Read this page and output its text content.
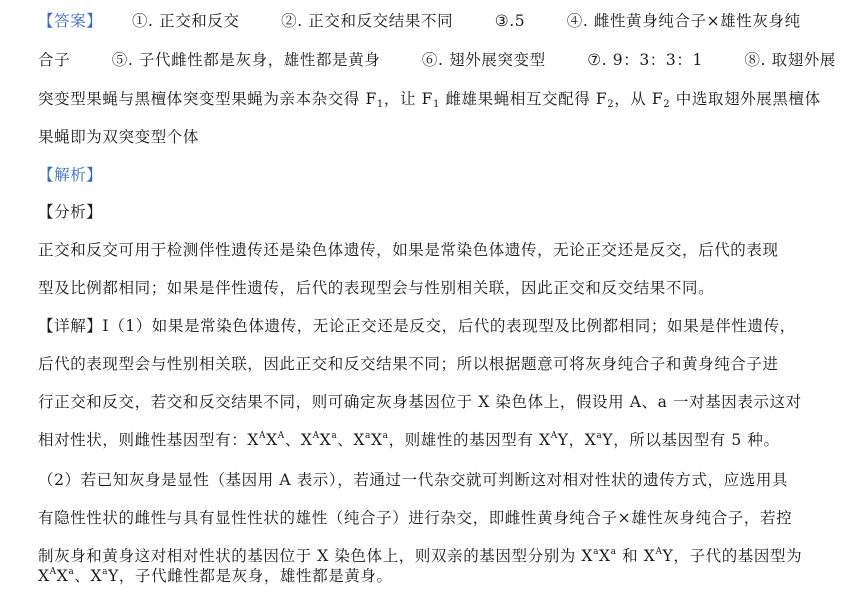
【答案】 ①. 正交和反交	②. 正交和反交结果不同	③.5	④. 雌性黄身纯合子×雄性灰身纯
合子	⑤. 子代雌性都是灰身，雄性都是黄身	⑥. 翅外展突变型	⑦. 9：3：3：1	⑧. 取翅外展
突变型果蝇与黑檀体突变型果蝇为亲本杂交得 $F_1$，让 $F_1$ 雌雄果蝇相互交配得 $F_2$，从 $F_2$ 中选取翅外展黑檀体
果蝇即为双突变型个体
【解析】
【分析】
正交和反交可用于检测伴性遗传还是染色体遗传，如果是常染色体遗传，无论正交还是反交，后代的表现
型及比例都相同；如果是伴性遗传，后代的表现型会与性别相关联，因此正交和反交结果不同。
【详解】Ⅰ（1）如果是常染色体遗传，无论正交还是反交，后代的表现型及比例都相同；如果是伴性遗传，
后代的表现型会与性别相关联，因此正交和反交结果不同；所以根据题意可将灰身纯合子和黄身纯合子进
行正交和反交，若交和反交结果不同，则可确定灰身基因位于 X 染色体上，假设用 A、a 一对基因表示这对
相对性状，则雌性基因型有：$X^AX^A$、$X^AX^a$、$X^aX^a$，则雄性的基因型有 $X^AY$，$X^aY$，所以基因型有 5 种。
（2）若已知灰身是显性（基因用 A 表示），若通过一代杂交就可判断这对相对性状的遗传方式，应选用具
有隐性性状的雌性与具有显性性状的雄性（纯合子）进行杂交，即雌性黄身纯合子×雄性灰身纯合子，若控
制灰身和黄身这对相对性状的基因位于 X 染色体上，则双亲的基因型分别为 $X^aX^a$ 和 $X^AY$，子代的基因型为
$X^AX^a$、$X^aY$，子代雌性都是灰身，雄性都是黄身。
